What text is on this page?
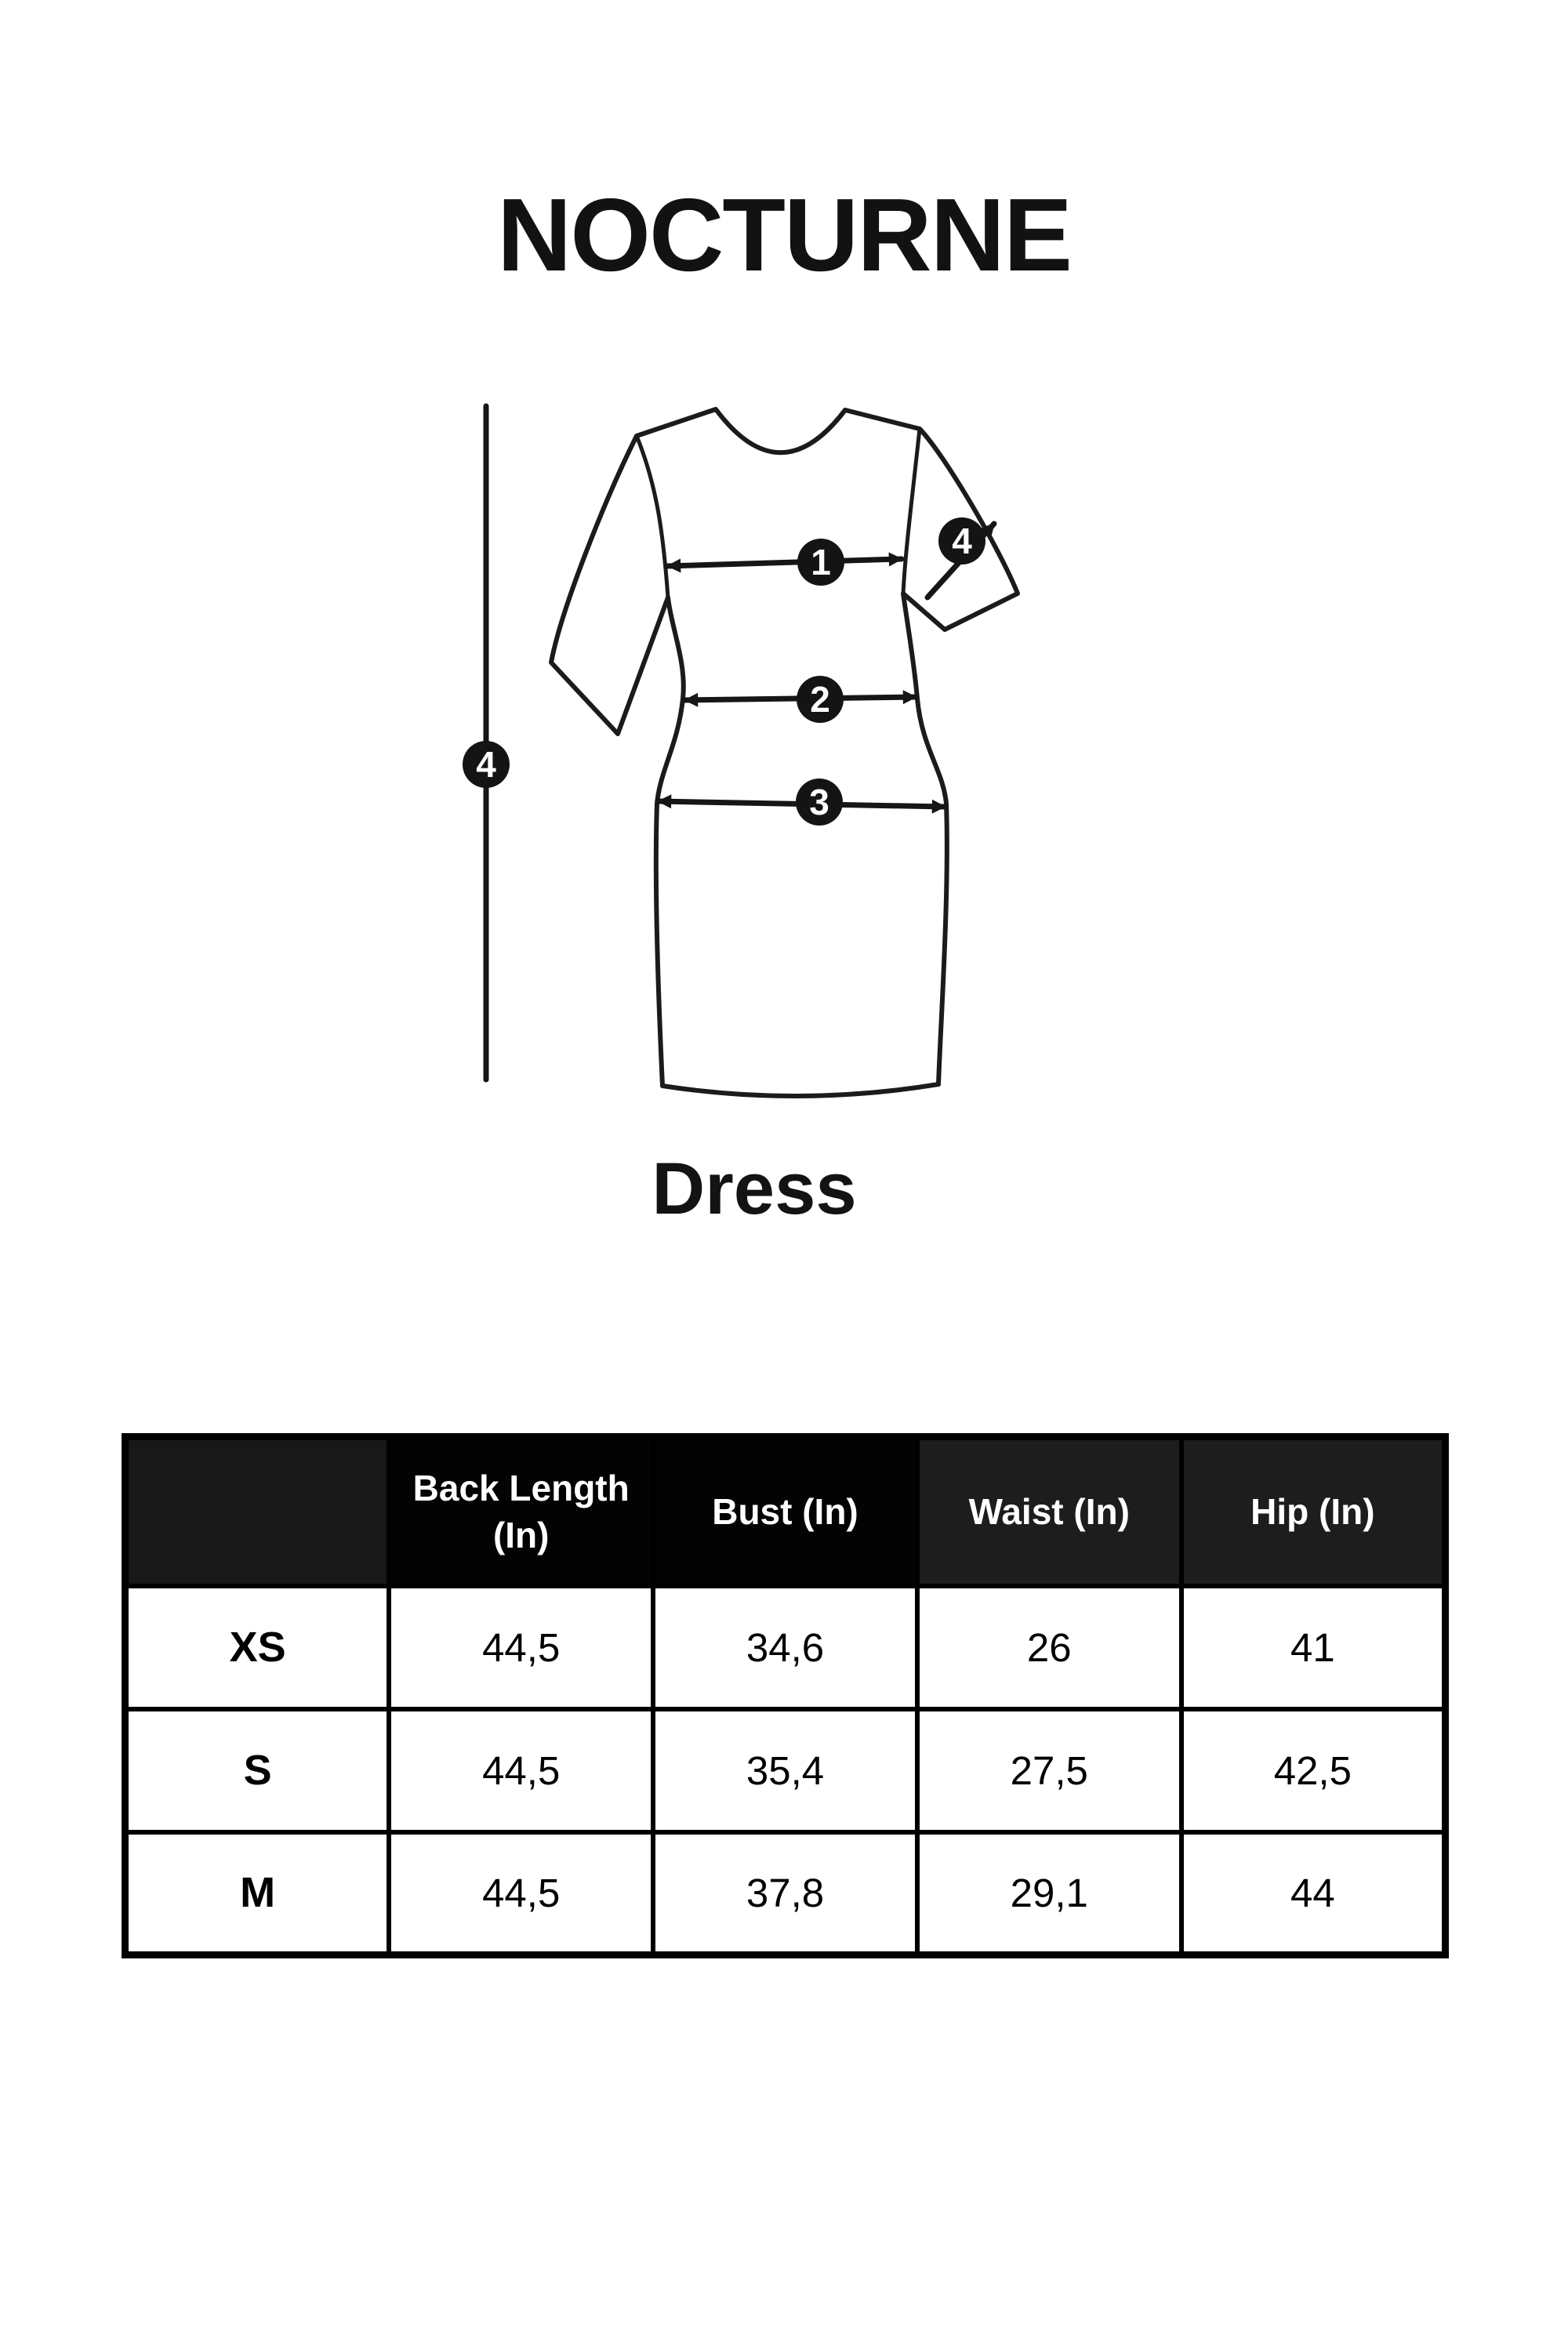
NOCTURNE
1
2
3
4
4
Dress
	Back Length (In)	Bust (In)	Waist (In)	Hip (In)
XS	44,5	34,6	26	41
S	44,5	35,4	27,5	42,5
M	44,5	37,8	29,1	44
